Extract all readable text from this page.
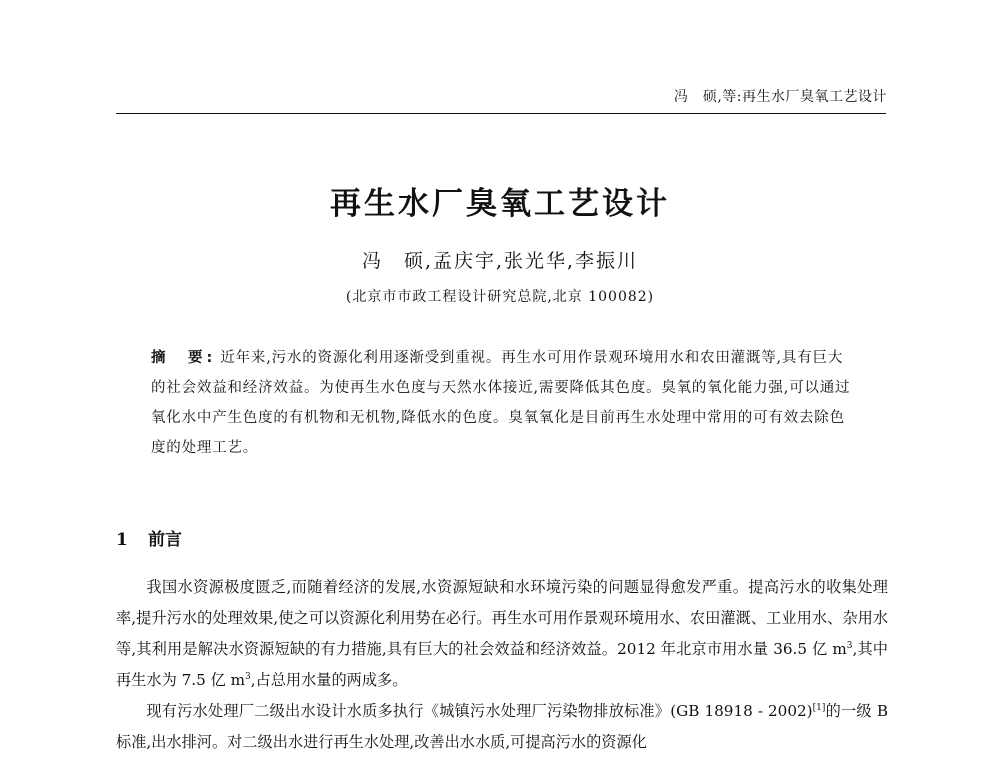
冯　硕,等:再生水厂臭氧工艺设计
再生水厂臭氧工艺设计
冯　硕,孟庆宇,张光华,李振川
(北京市市政工程设计研究总院,北京 100082)
摘　要: 近年来,污水的资源化利用逐渐受到重视。再生水可用作景观环境用水和农田灌溉等,具有巨大的社会效益和经济效益。为使再生水色度与天然水体接近,需要降低其色度。臭氧的氧化能力强,可以通过氧化水中产生色度的有机物和无机物,降低水的色度。臭氧氧化是目前再生水处理中常用的可有效去除色度的处理工艺。
1 前言

我国水资源极度匮乏,而随着经济的发展,水资源短缺和水环境污染的问题显得愈发严重。提高污水的收集处理率,提升污水的处理效果,使之可以资源化利用势在必行。再生水可用作景观环境用水、农田灌溉、工业用水、杂用水等,其利用是解决水资源短缺的有力措施,具有巨大的社会效益和经济效益。2012 年北京市用水量 36.5 亿 $m^3$,其中再生水为 7.5 亿 $m^3$,占总用水量的两成多。

现有污水处理厂二级出水设计水质多执行《城镇污水处理厂污染物排放标准》(GB 18918 - 2002)[1]的一级 B 标准,出水排河。对二级出水进行再生水处理,改善出水水质,可提高污水的资源化
